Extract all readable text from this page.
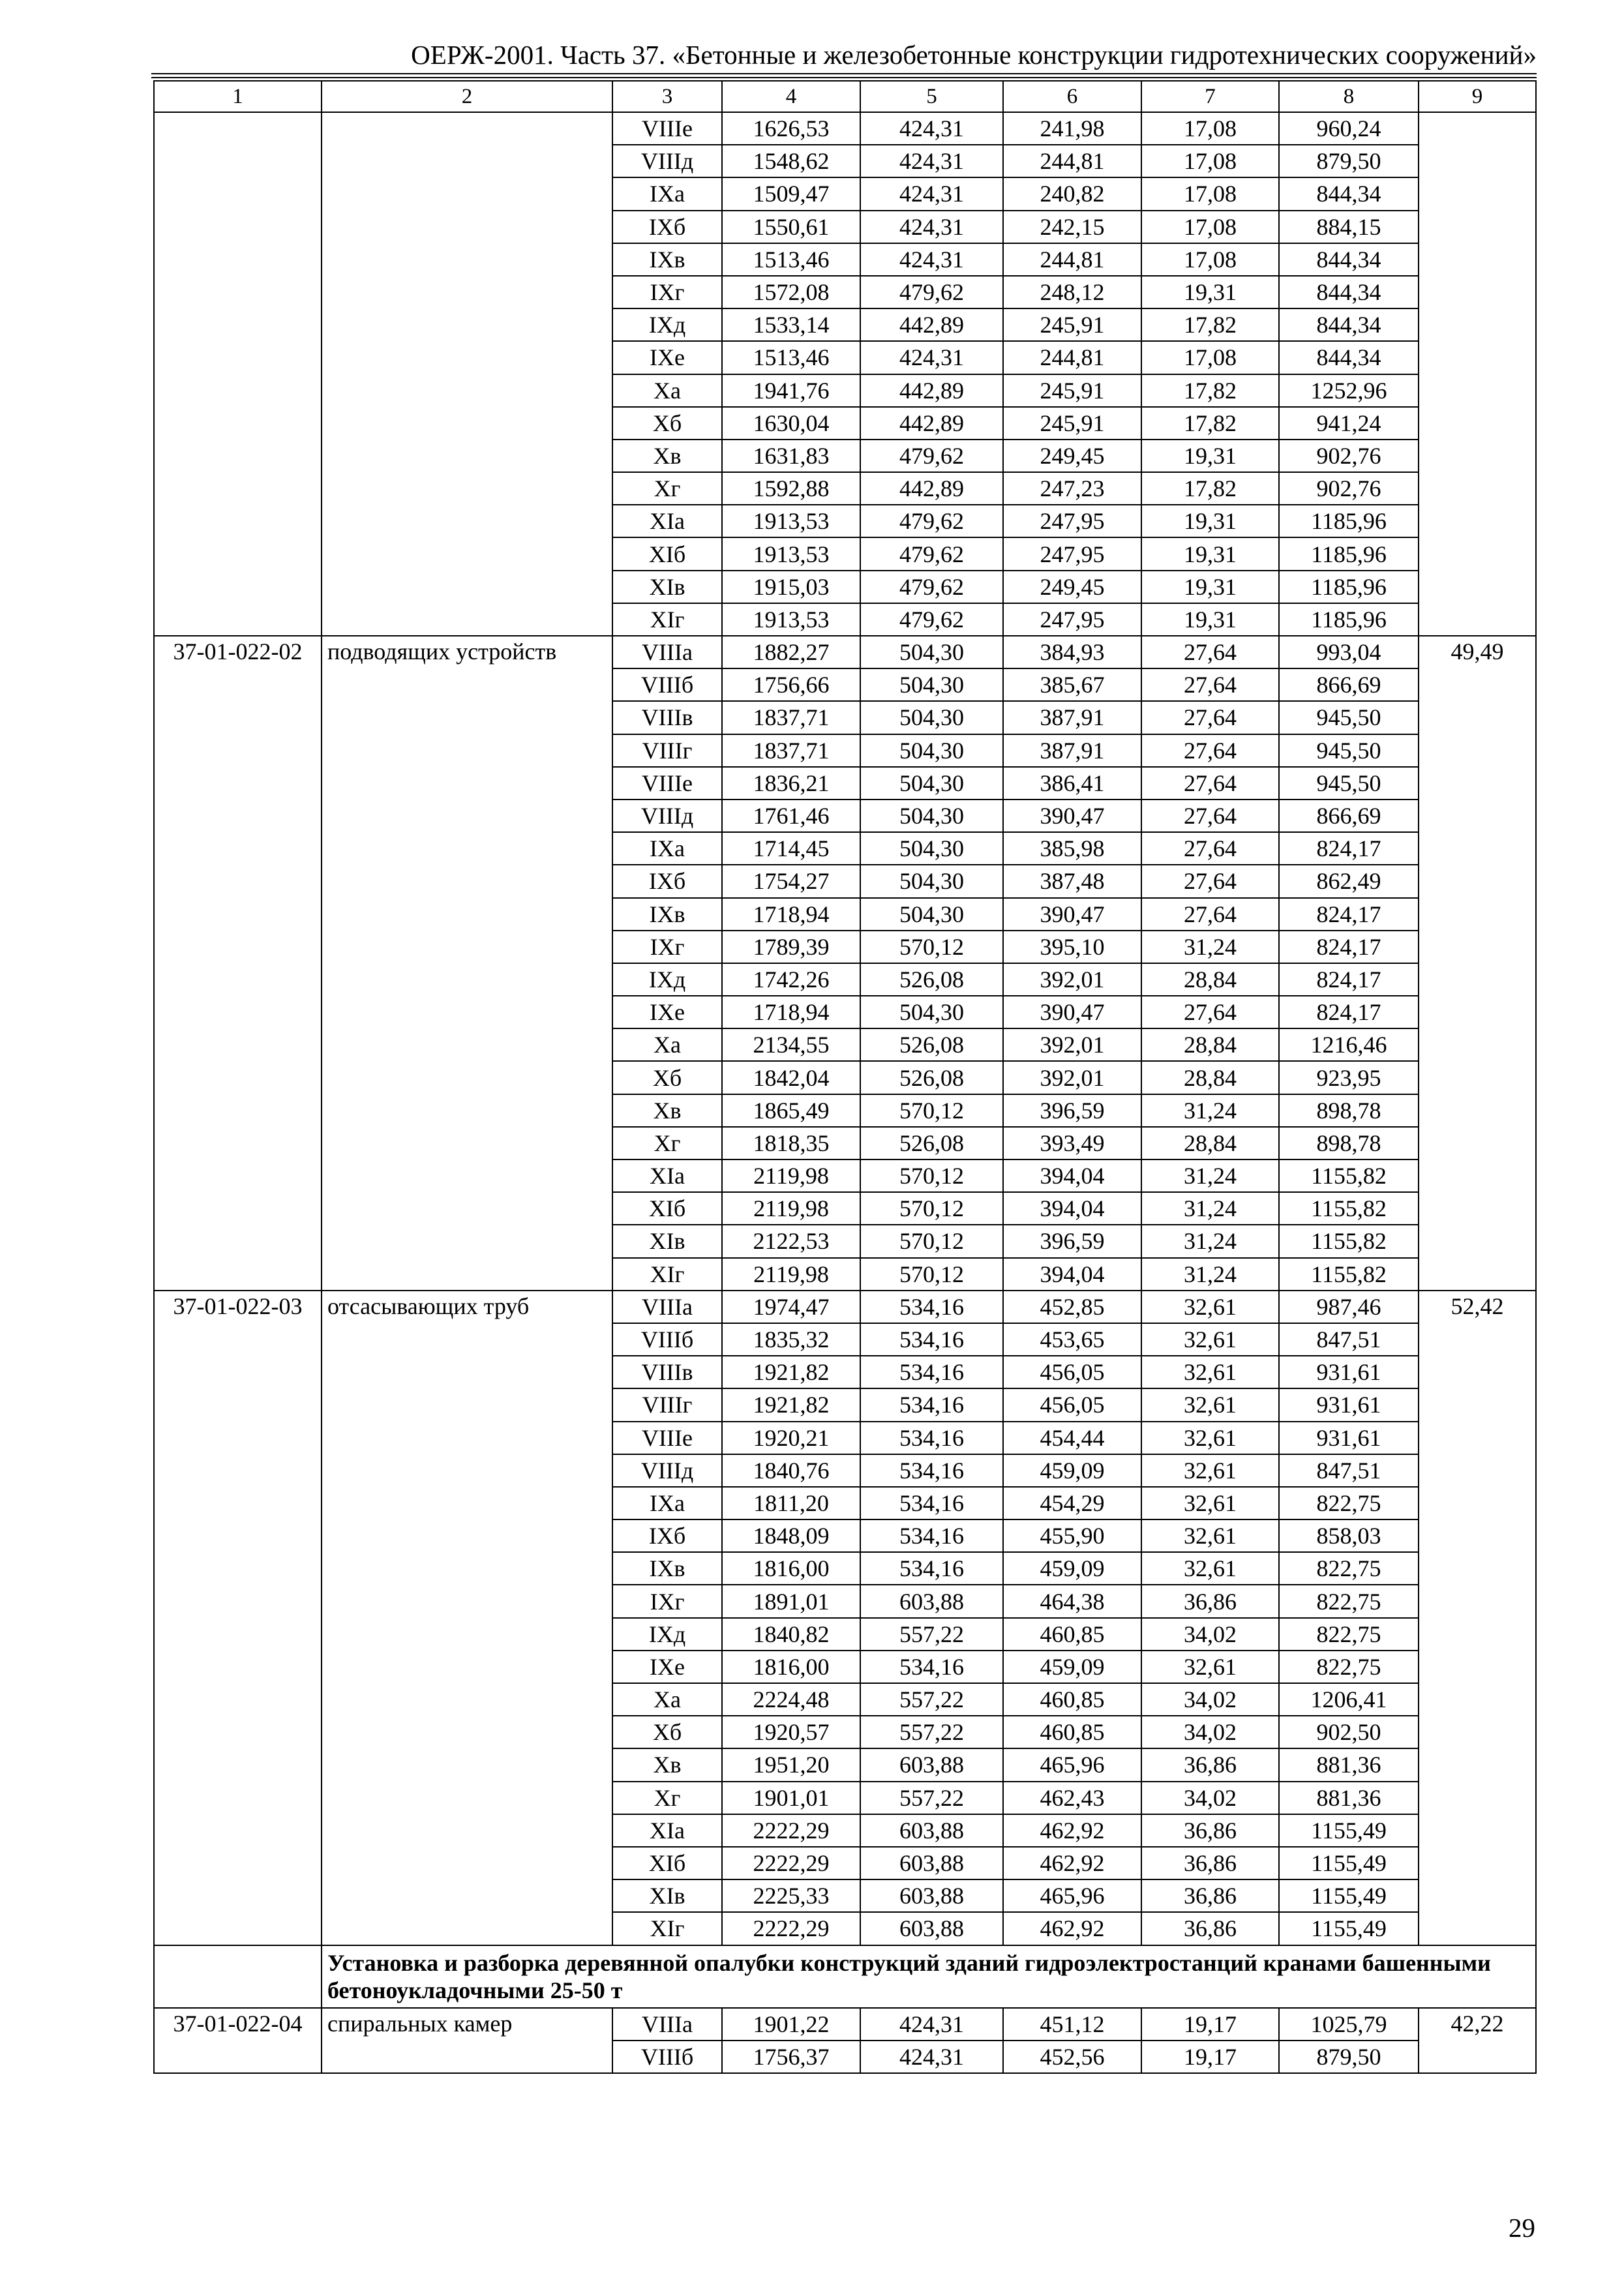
ОЕРЖ-2001. Часть 37. «Бетонные и железобетонные конструкции гидротехнических сооружений»
1	2	3	4	5	6	7	8	9
		VIIIе	1626,53	424,31	241,98	17,08	960,24	
		VIIIд	1548,62	424,31	244,81	17,08	879,50	
		IXа	1509,47	424,31	240,82	17,08	844,34	
		IXб	1550,61	424,31	242,15	17,08	884,15	
		IXв	1513,46	424,31	244,81	17,08	844,34	
		IXг	1572,08	479,62	248,12	19,31	844,34	
		IXд	1533,14	442,89	245,91	17,82	844,34	
		IXе	1513,46	424,31	244,81	17,08	844,34	
		Xа	1941,76	442,89	245,91	17,82	1252,96	
		Xб	1630,04	442,89	245,91	17,82	941,24	
		Xв	1631,83	479,62	249,45	19,31	902,76	
		Xг	1592,88	442,89	247,23	17,82	902,76	
		XIа	1913,53	479,62	247,95	19,31	1185,96	
		XIб	1913,53	479,62	247,95	19,31	1185,96	
		XIв	1915,03	479,62	249,45	19,31	1185,96	
		XIг	1913,53	479,62	247,95	19,31	1185,96	
37-01-022-02	подводящих устройств	VIIIа	1882,27	504,30	384,93	27,64	993,04	49,49
		VIIIб	1756,66	504,30	385,67	27,64	866,69	
		VIIIв	1837,71	504,30	387,91	27,64	945,50	
		VIIIг	1837,71	504,30	387,91	27,64	945,50	
		VIIIе	1836,21	504,30	386,41	27,64	945,50	
		VIIIд	1761,46	504,30	390,47	27,64	866,69	
		IXа	1714,45	504,30	385,98	27,64	824,17	
		IXб	1754,27	504,30	387,48	27,64	862,49	
		IXв	1718,94	504,30	390,47	27,64	824,17	
		IXг	1789,39	570,12	395,10	31,24	824,17	
		IXд	1742,26	526,08	392,01	28,84	824,17	
		IXе	1718,94	504,30	390,47	27,64	824,17	
		Xа	2134,55	526,08	392,01	28,84	1216,46	
		Xб	1842,04	526,08	392,01	28,84	923,95	
		Xв	1865,49	570,12	396,59	31,24	898,78	
		Xг	1818,35	526,08	393,49	28,84	898,78	
		XIа	2119,98	570,12	394,04	31,24	1155,82	
		XIб	2119,98	570,12	394,04	31,24	1155,82	
		XIв	2122,53	570,12	396,59	31,24	1155,82	
		XIг	2119,98	570,12	394,04	31,24	1155,82	
37-01-022-03	отсасывающих труб	VIIIа	1974,47	534,16	452,85	32,61	987,46	52,42
		VIIIб	1835,32	534,16	453,65	32,61	847,51	
		VIIIв	1921,82	534,16	456,05	32,61	931,61	
		VIIIг	1921,82	534,16	456,05	32,61	931,61	
		VIIIе	1920,21	534,16	454,44	32,61	931,61	
		VIIIд	1840,76	534,16	459,09	32,61	847,51	
		IXа	1811,20	534,16	454,29	32,61	822,75	
		IXб	1848,09	534,16	455,90	32,61	858,03	
		IXв	1816,00	534,16	459,09	32,61	822,75	
		IXг	1891,01	603,88	464,38	36,86	822,75	
		IXд	1840,82	557,22	460,85	34,02	822,75	
		IXе	1816,00	534,16	459,09	32,61	822,75	
		Xа	2224,48	557,22	460,85	34,02	1206,41	
		Xб	1920,57	557,22	460,85	34,02	902,50	
		Xв	1951,20	603,88	465,96	36,86	881,36	
		Xг	1901,01	557,22	462,43	34,02	881,36	
		XIа	2222,29	603,88	462,92	36,86	1155,49	
		XIб	2222,29	603,88	462,92	36,86	1155,49	
		XIв	2225,33	603,88	465,96	36,86	1155,49	
		XIг	2222,29	603,88	462,92	36,86	1155,49	
	Установка и разборка деревянной опалубки конструкций зданий гидроэлектростанций кранами башенными бетоноукладочными 25-50 т							
37-01-022-04	спиральных камер	VIIIа	1901,22	424,31	451,12	19,17	1025,79	42,22
		VIIIб	1756,37	424,31	452,56	19,17	879,50	
29
